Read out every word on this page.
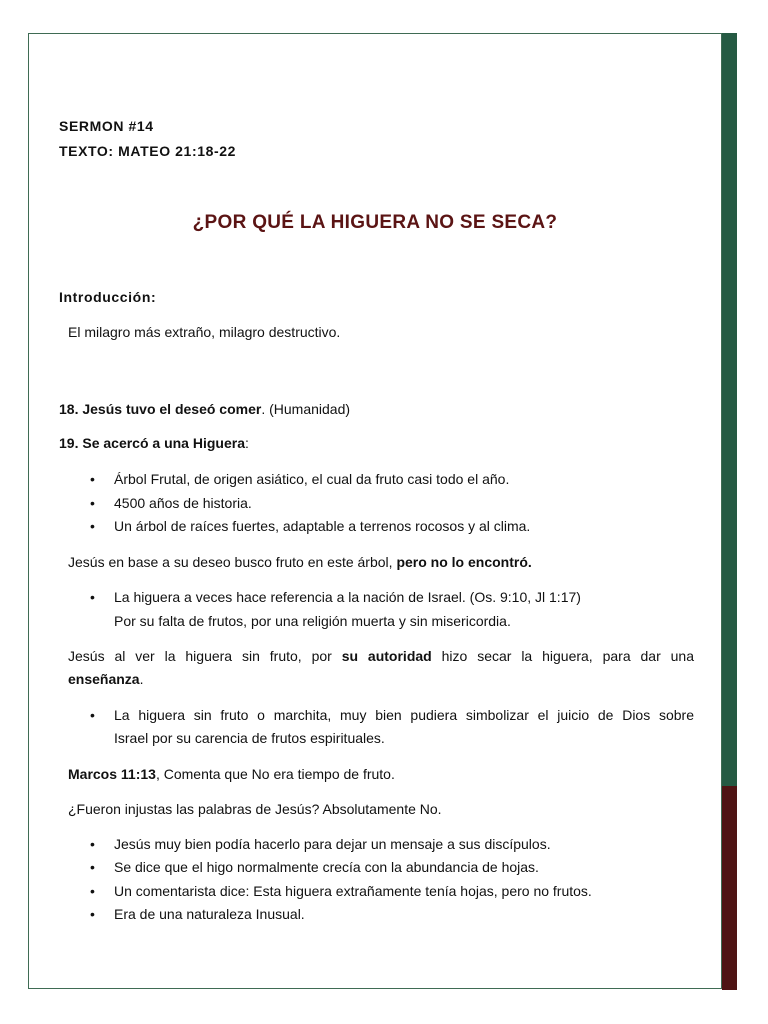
SERMON #14
TEXTO: MATEO 21:18-22
¿POR QUÉ LA HIGUERA NO SE SECA?
Introducción:
El milagro más extraño, milagro destructivo.
18. Jesús tuvo el deseó comer. (Humanidad)
19. Se acercó a una Higuera:
• Árbol Frutal, de origen asiático, el cual da fruto casi todo el año.
• 4500 años de historia.
• Un árbol de raíces fuertes, adaptable a terrenos rocosos y al clima.
Jesús en base a su deseo busco fruto en este árbol, pero no lo encontró.
• La higuera a veces hace referencia a la nación de Israel. (Os. 9:10, Jl 1:17)
Por su falta de frutos, por una religión muerta y sin misericordia.
Jesús al ver la higuera sin fruto, por su autoridad hizo secar la higuera, para dar una
enseñanza.
• La higuera sin fruto o marchita, muy bien pudiera simbolizar el juicio de Dios sobre
Israel por su carencia de frutos espirituales.
Marcos 11:13, Comenta que No era tiempo de fruto.
¿Fueron injustas las palabras de Jesús? Absolutamente No.
• Jesús muy bien podía hacerlo para dejar un mensaje a sus discípulos.
• Se dice que el higo normalmente crecía con la abundancia de hojas.
• Un comentarista dice: Esta higuera extrañamente tenía hojas, pero no frutos.
• Era de una naturaleza Inusual.
